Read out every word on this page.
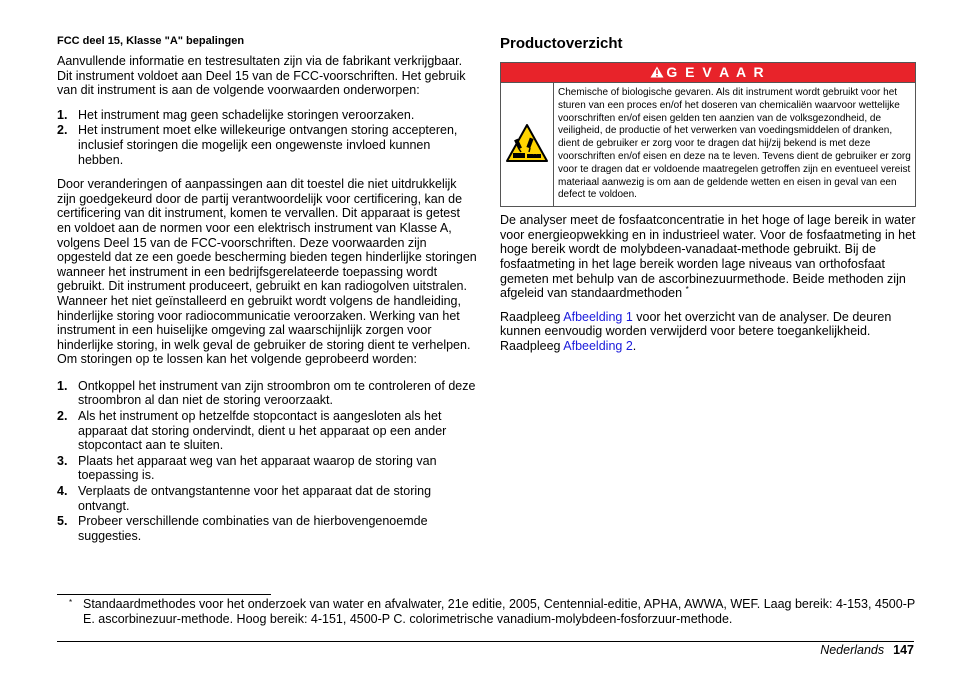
FCC deel 15, Klasse "A" bepalingen

Aanvullende informatie en testresultaten zijn via de fabrikant verkrijgbaar. Dit instrument voldoet aan Deel 15 van de FCC-voorschriften. Het gebruik van dit instrument is aan de volgende voorwaarden onderworpen:

1. Het instrument mag geen schadelijke storingen veroorzaken.
2. Het instrument moet elke willekeurige ontvangen storing accepteren, inclusief storingen die mogelijk een ongewenste invloed kunnen hebben.

Door veranderingen of aanpassingen aan dit toestel die niet uitdrukkelijk zijn goedgekeurd door de partij verantwoordelijk voor certificering, kan de certificering van dit instrument, komen te vervallen. Dit apparaat is getest en voldoet aan de normen voor een elektrisch instrument van Klasse A, volgens Deel 15 van de FCC-voorschriften. Deze voorwaarden zijn opgesteld dat ze een goede bescherming bieden tegen hinderlijke storingen wanneer het instrument in een bedrijfsgerelateerde toepassing wordt gebruikt. Dit instrument produceert, gebruikt en kan radiogolven uitstralen. Wanneer het niet geïnstalleerd en gebruikt wordt volgens de handleiding, hinderlijke storing voor radiocommunicatie veroorzaken. Werking van het instrument in een huiselijke omgeving zal waarschijnlijk zorgen voor hinderlijke storing, in welk geval de gebruiker de storing dient te verhelpen. Om storingen op te lossen kan het volgende geprobeerd worden:

1. Ontkoppel het instrument van zijn stroombron om te controleren of deze stroombron al dan niet de storing veroorzaakt.
2. Als het instrument op hetzelfde stopcontact is aangesloten als het apparaat dat storing ondervindt, dient u het apparaat op een ander stopcontact aan te sluiten.
3. Plaats het apparaat weg van het apparaat waarop de storing van toepassing is.
4. Verplaats de ontvangstantenne voor het apparaat dat de storing ontvangt.
5. Probeer verschillende combinaties van de hierbovengenoemde suggesties.
Productoverzicht
G E V A A R
Chemische of biologische gevaren. Als dit instrument wordt gebruikt voor het sturen van een proces en/of het doseren van chemicaliën waarvoor wettelijke voorschriften en/of eisen gelden ten aanzien van de volksgezondheid, de veiligheid, de productie of het verwerken van voedingsmiddelen of dranken, dient de gebruiker er zorg voor te dragen dat hij/zij bekend is met deze voorschriften en/of eisen en deze na te leven. Tevens dient de gebruiker er zorg voor te dragen dat er voldoende maatregelen getroffen zijn en eventueel vereist materiaal aanwezig is om aan de geldende wetten en eisen in geval van een defect te voldoen.

De analyser meet de fosfaatconcentratie in het hoge of lage bereik in water voor energieopwekking en in industrieel water. Voor de fosfaatmeting in het hoge bereik wordt de molybdeen-vanadaat-methode gebruikt. Bij de fosfaatmeting in het lage bereik worden lage niveaus van orthofosfaat gemeten met behulp van de ascorbinezuurmethode. Beide methoden zijn afgeleid van standaardmethoden *

Raadpleeg Afbeelding 1 voor het overzicht van de analyser. De deuren kunnen eenvoudig worden verwijderd voor betere toegankelijkheid. Raadpleeg Afbeelding 2.

* Standaardmethodes voor het onderzoek van water en afvalwater, 21e editie, 2005, Centennial-editie, APHA, AWWA, WEF. Laag bereik: 4-153, 4500-P E. ascorbinezuur-methode. Hoog bereik: 4-151, 4500-P C. colorimetrische vanadium-molybdeen-fosforzuur-methode.
Nederlands 147
